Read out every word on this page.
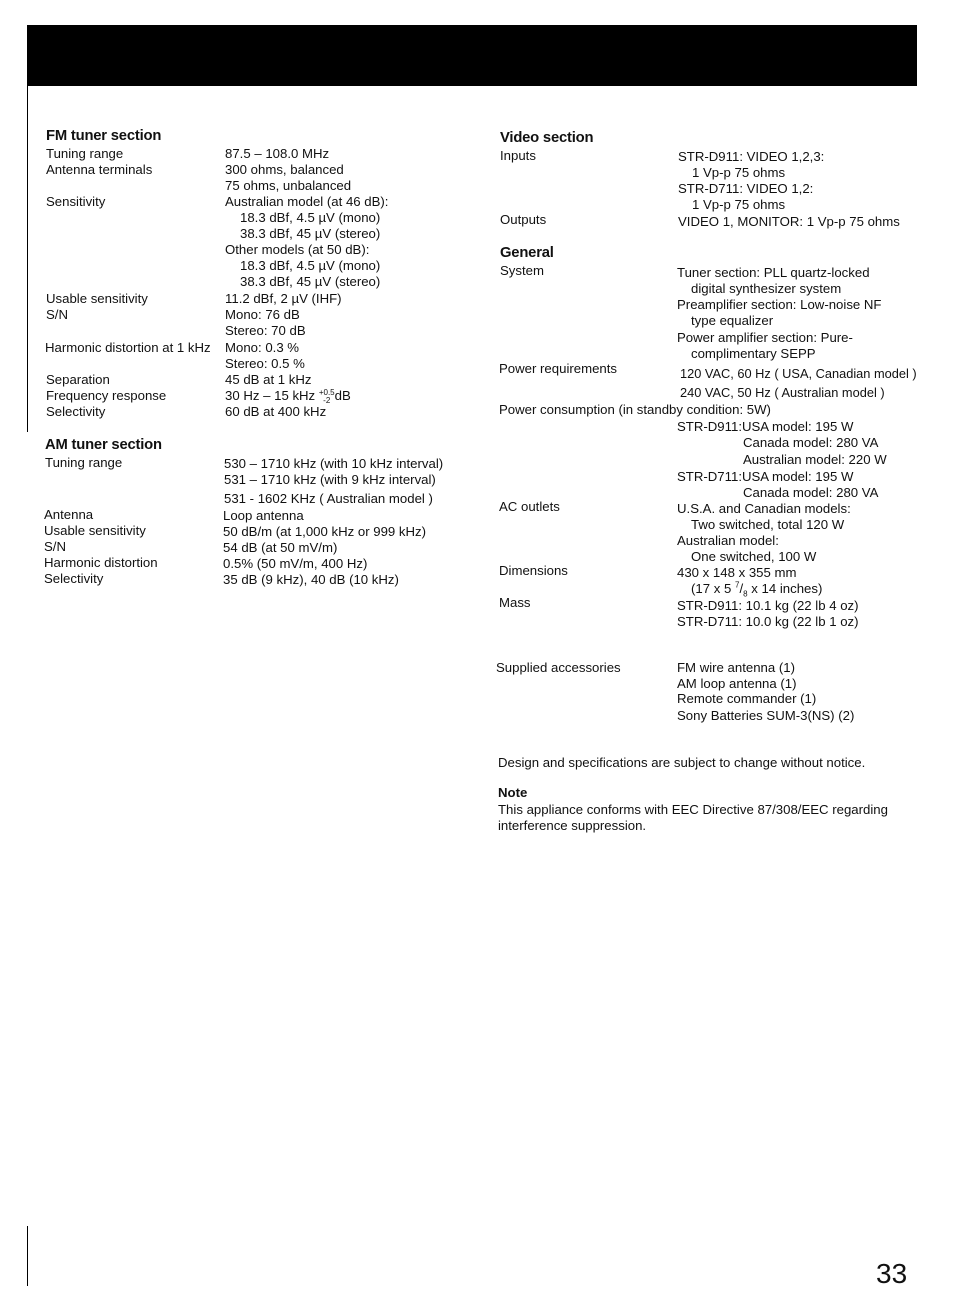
FM tuner section
Tuning range	87.5 – 108.0 MHz
Antenna terminals	300 ohms, balanced
75 ohms, unbalanced
Sensitivity	Australian model (at 46 dB):
18.3 dBf, 4.5 µV (mono)
38.3 dBf, 45 µV (stereo)
Other models (at 50 dB):
18.3 dBf, 4.5 µV (mono)
38.3 dBf, 45 µV (stereo)
Usable sensitivity	11.2 dBf, 2 µV (IHF)
S/N	Mono: 76 dB
Stereo: 70 dB
Harmonic distortion at 1 kHz Mono: 0.3 %
Stereo: 0.5 %
Separation	45 dB at 1 kHz
Frequency response	30 Hz – 15 kHz +0.5
-2 dB
Selectivity	60 dB at 400 kHz
AM tuner section
Tuning range	530 – 1710 kHz (with 10 kHz interval)
531 – 1710 kHz (with 9 kHz interval)
531 - 1602 KHz ( Australian model )
Antenna	Loop antenna
Usable sensitivity	50 dB/m (at 1,000 kHz or 999 kHz)
S/N	54 dB (at 50 mV/m)
Harmonic distortion	0.5% (50 mV/m, 400 Hz)
Selectivity	35 dB (9 kHz), 40 dB (10 kHz)
Video section
Inputs	STR-D911: VIDEO 1,2,3:
1 Vp-p 75 ohms
STR-D711: VIDEO 1,2:
1 Vp-p 75 ohms
Outputs	VIDEO 1, MONITOR: 1 Vp-p 75 ohms
General
System	Tuner section: PLL quartz-locked
digital synthesizer system
Preamplifier section: Low-noise NF
type equalizer
Power amplifier section: Pure-
complimentary SEPP
Power requirements	120 VAC, 60 Hz ( USA, Canadian model )
240 VAC, 50 Hz ( Australian model )
Power consumption (in standby condition: 5W)
STR-D911:USA model: 195 W
Canada model: 280 VA
Australian model: 220 W
STR-D711:USA model: 195 W
Canada model: 280 VA
AC outlets	U.S.A. and Canadian models:
Two switched, total 120 W
Australian model:
One switched, 100 W
Dimensions	430 x 148 x 355 mm
(17 x 5 $^7/_8$ x 14 inches)
Mass	STR-D911: 10.1 kg (22 lb 4 oz)
STR-D711: 10.0 kg (22 lb 1 oz)
Supplied accessories	FM wire antenna (1)
AM loop antenna (1)
Remote commander (1)
Sony Batteries SUM-3(NS) (2)
Design and specifications are subject to change without notice.
Note
This appliance conforms with EEC Directive 87/308/EEC regarding
interference suppression.
33
